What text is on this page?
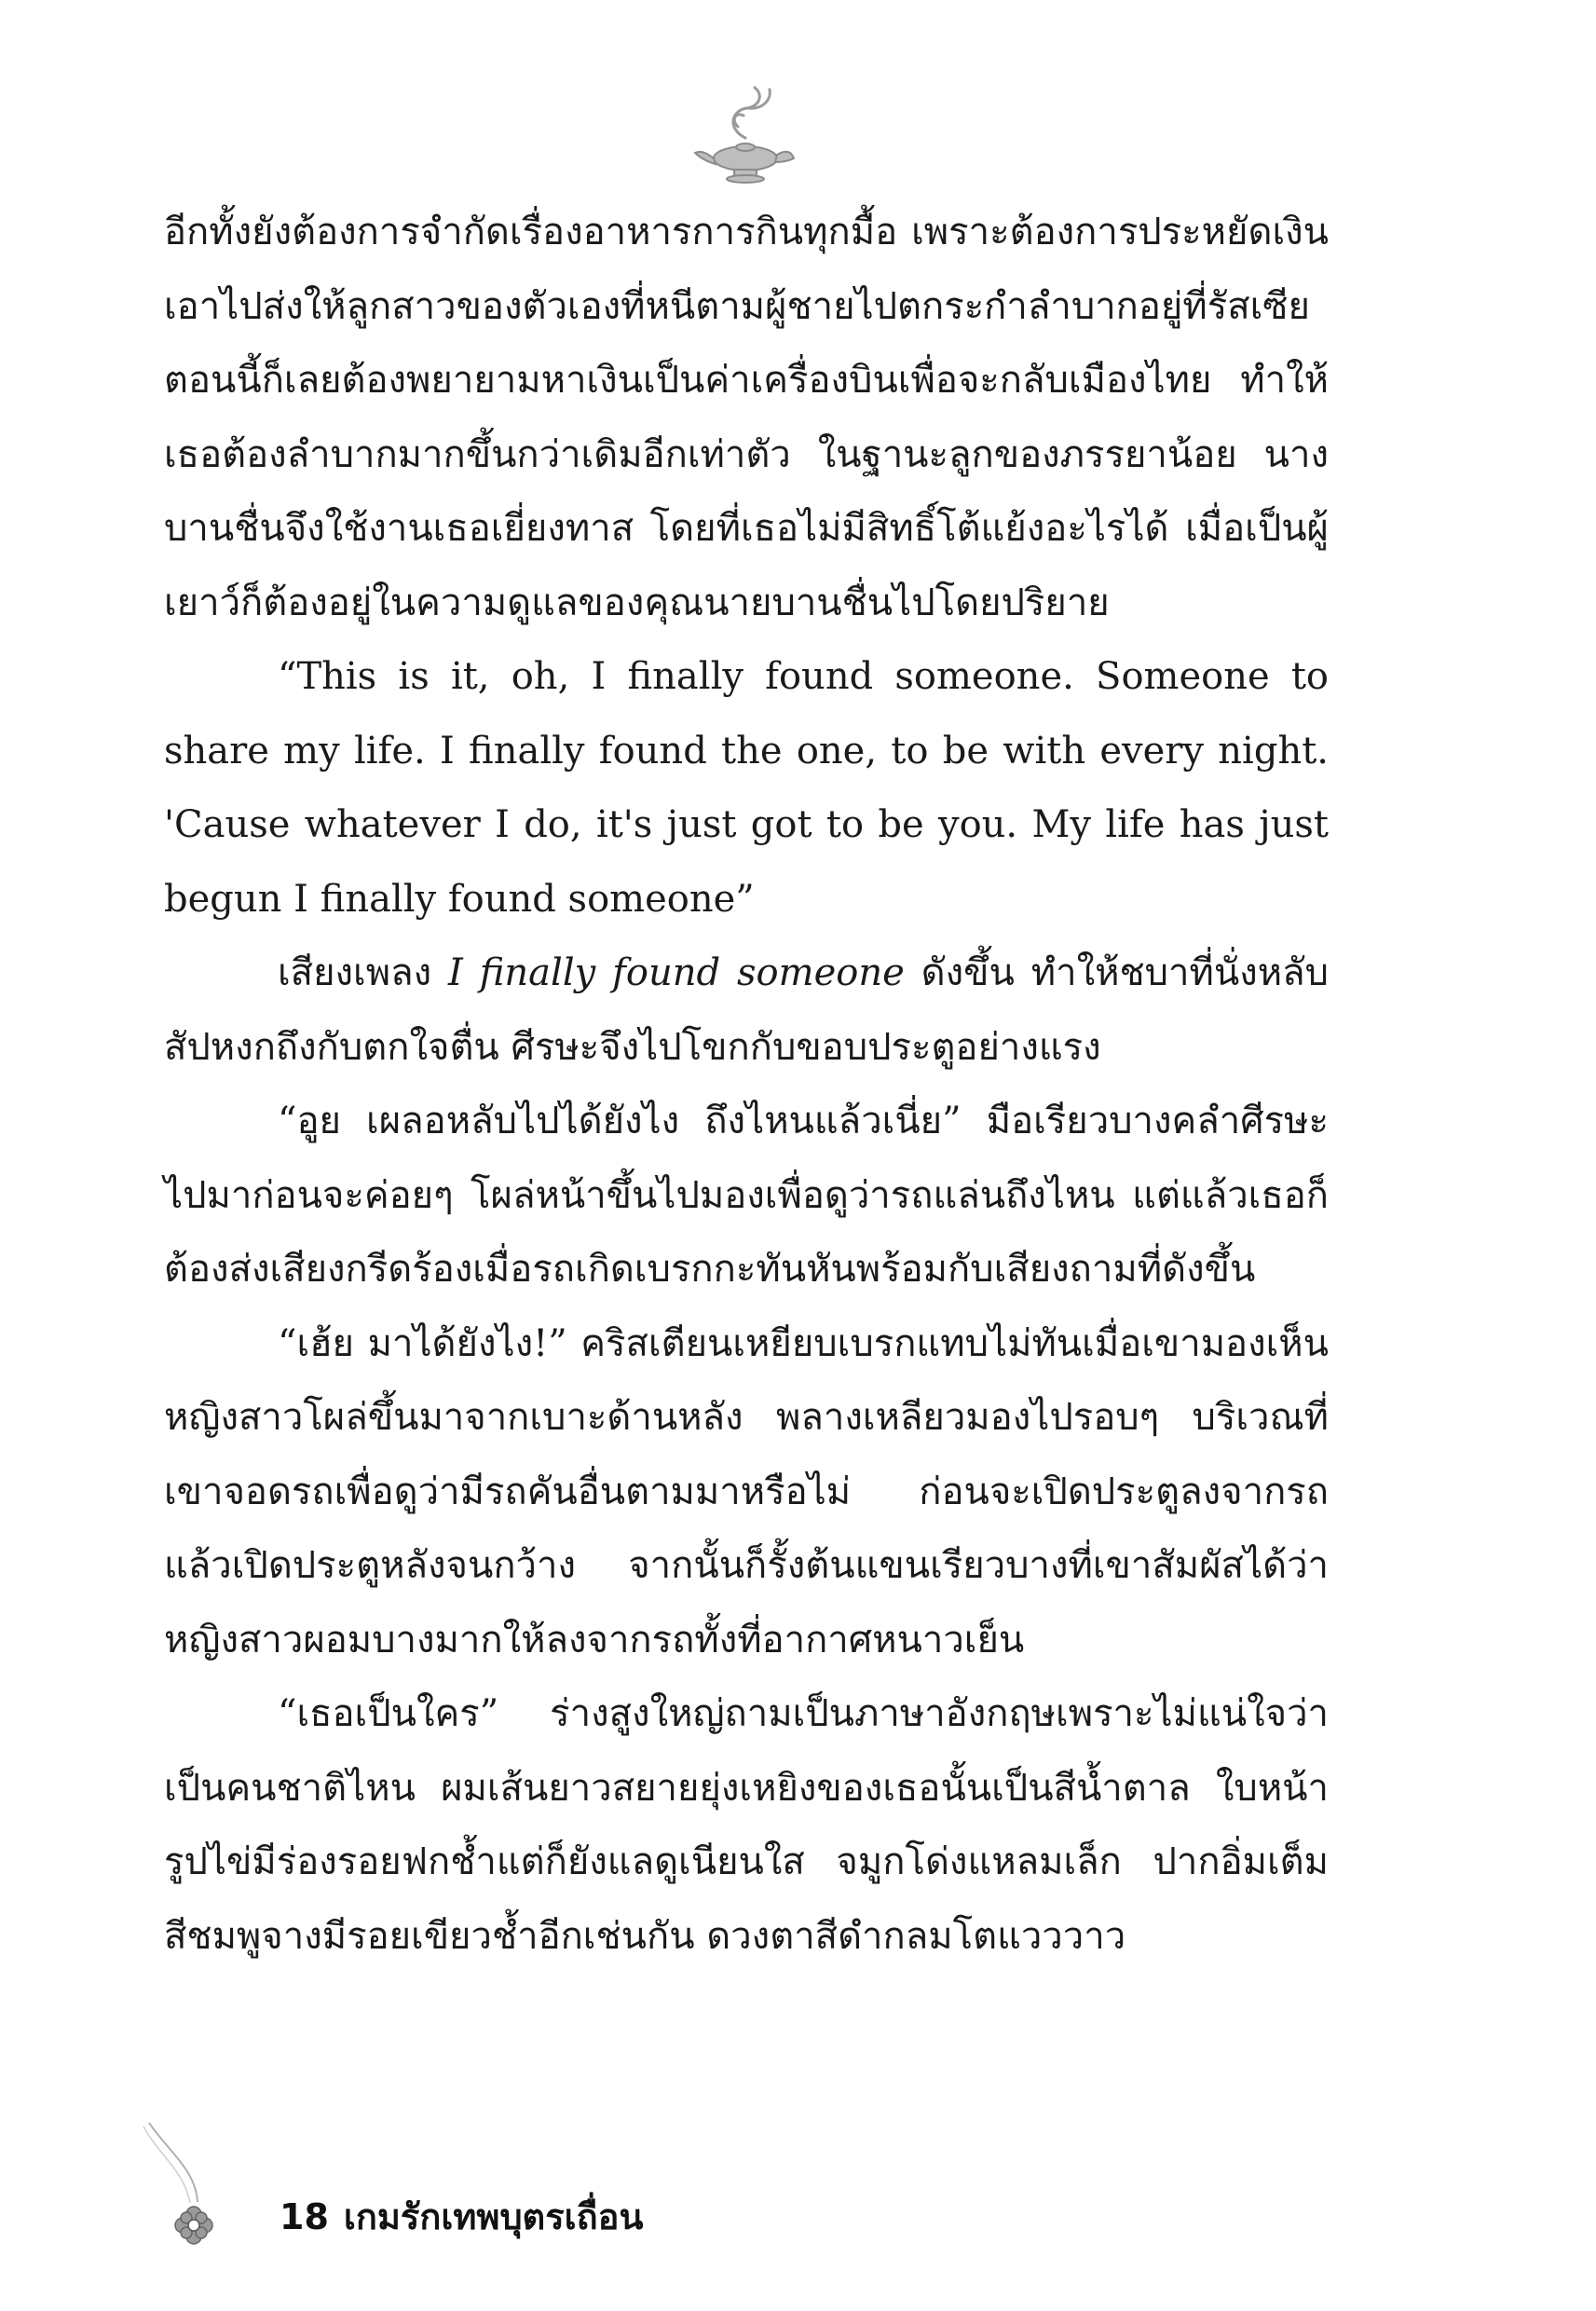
อีกทั้งยังต้องการจำกัดเรื่องอาหารการกินทุกมื้อ เพราะต้องการประหยัดเงินเอาไปส่งให้ลูกสาวของตัวเองที่หนีตามผู้ชายไปตกระกำลำบากอยู่ที่รัสเซีย ตอนนี้ก็เลยต้องพยายามหาเงินเป็นค่าเครื่องบินเพื่อจะกลับเมืองไทย ทำให้เธอต้องลำบากมากขึ้นกว่าเดิมอีกเท่าตัว ในฐานะลูกของภรรยาน้อย นางบานชื่นจึงใช้งานเธอเยี่ยงทาส โดยที่เธอไม่มีสิทธิ์โต้แย้งอะไรได้ เมื่อเป็นผู้เยาว์ก็ต้องอยู่ในความดูแลของคุณนายบานชื่นไปโดยปริยาย

“This is it, oh, I finally found someone. Someone to share my life. I finally found the one, to be with every night. 'Cause whatever I do, it's just got to be you. My life has just begun I finally found someone”

เสียงเพลง I finally found someone ดังขึ้น ทำให้ชบาที่นั่งหลับสัปหงกถึงกับตกใจตื่น ศีรษะจึงไปโขกกับขอบประตูอย่างแรง

“อูย เผลอหลับไปได้ยังไง ถึงไหนแล้วเนี่ย” มือเรียวบางคลำศีรษะไปมาก่อนจะค่อยๆ โผล่หน้าขึ้นไปมองเพื่อดูว่ารถแล่นถึงไหน แต่แล้วเธอก็ต้องส่งเสียงกรีดร้องเมื่อรถเกิดเบรกกะทันหันพร้อมกับเสียงถามที่ดังขึ้น

“เฮ้ย มาได้ยังไง!” คริสเตียนเหยียบเบรกแทบไม่ทันเมื่อเขามองเห็นหญิงสาวโผล่ขึ้นมาจากเบาะด้านหลัง พลางเหลียวมองไปรอบๆ บริเวณที่เขาจอดรถเพื่อดูว่ามีรถคันอื่นตามมาหรือไม่ ก่อนจะเปิดประตูลงจากรถแล้วเปิดประตูหลังจนกว้าง จากนั้นก็รั้งต้นแขนเรียวบางที่เขาสัมผัสได้ว่าหญิงสาวผอมบางมากให้ลงจากรถทั้งที่อากาศหนาวเย็น

“เธอเป็นใคร” ร่างสูงใหญ่ถามเป็นภาษาอังกฤษเพราะไม่แน่ใจว่าเป็นคนชาติไหน ผมเส้นยาวสยายยุ่งเหยิงของเธอนั้นเป็นสีน้ำตาล ใบหน้ารูปไข่มีร่องรอยฟกช้ำแต่ก็ยังแลดูเนียนใส จมูกโด่งแหลมเล็ก ปากอิ่มเต็มสีชมพูจางมีรอยเขียวช้ำอีกเช่นกัน ดวงตาสีดำกลมโตแวววาว

18 เกมรักเทพบุตรเถื่อน
